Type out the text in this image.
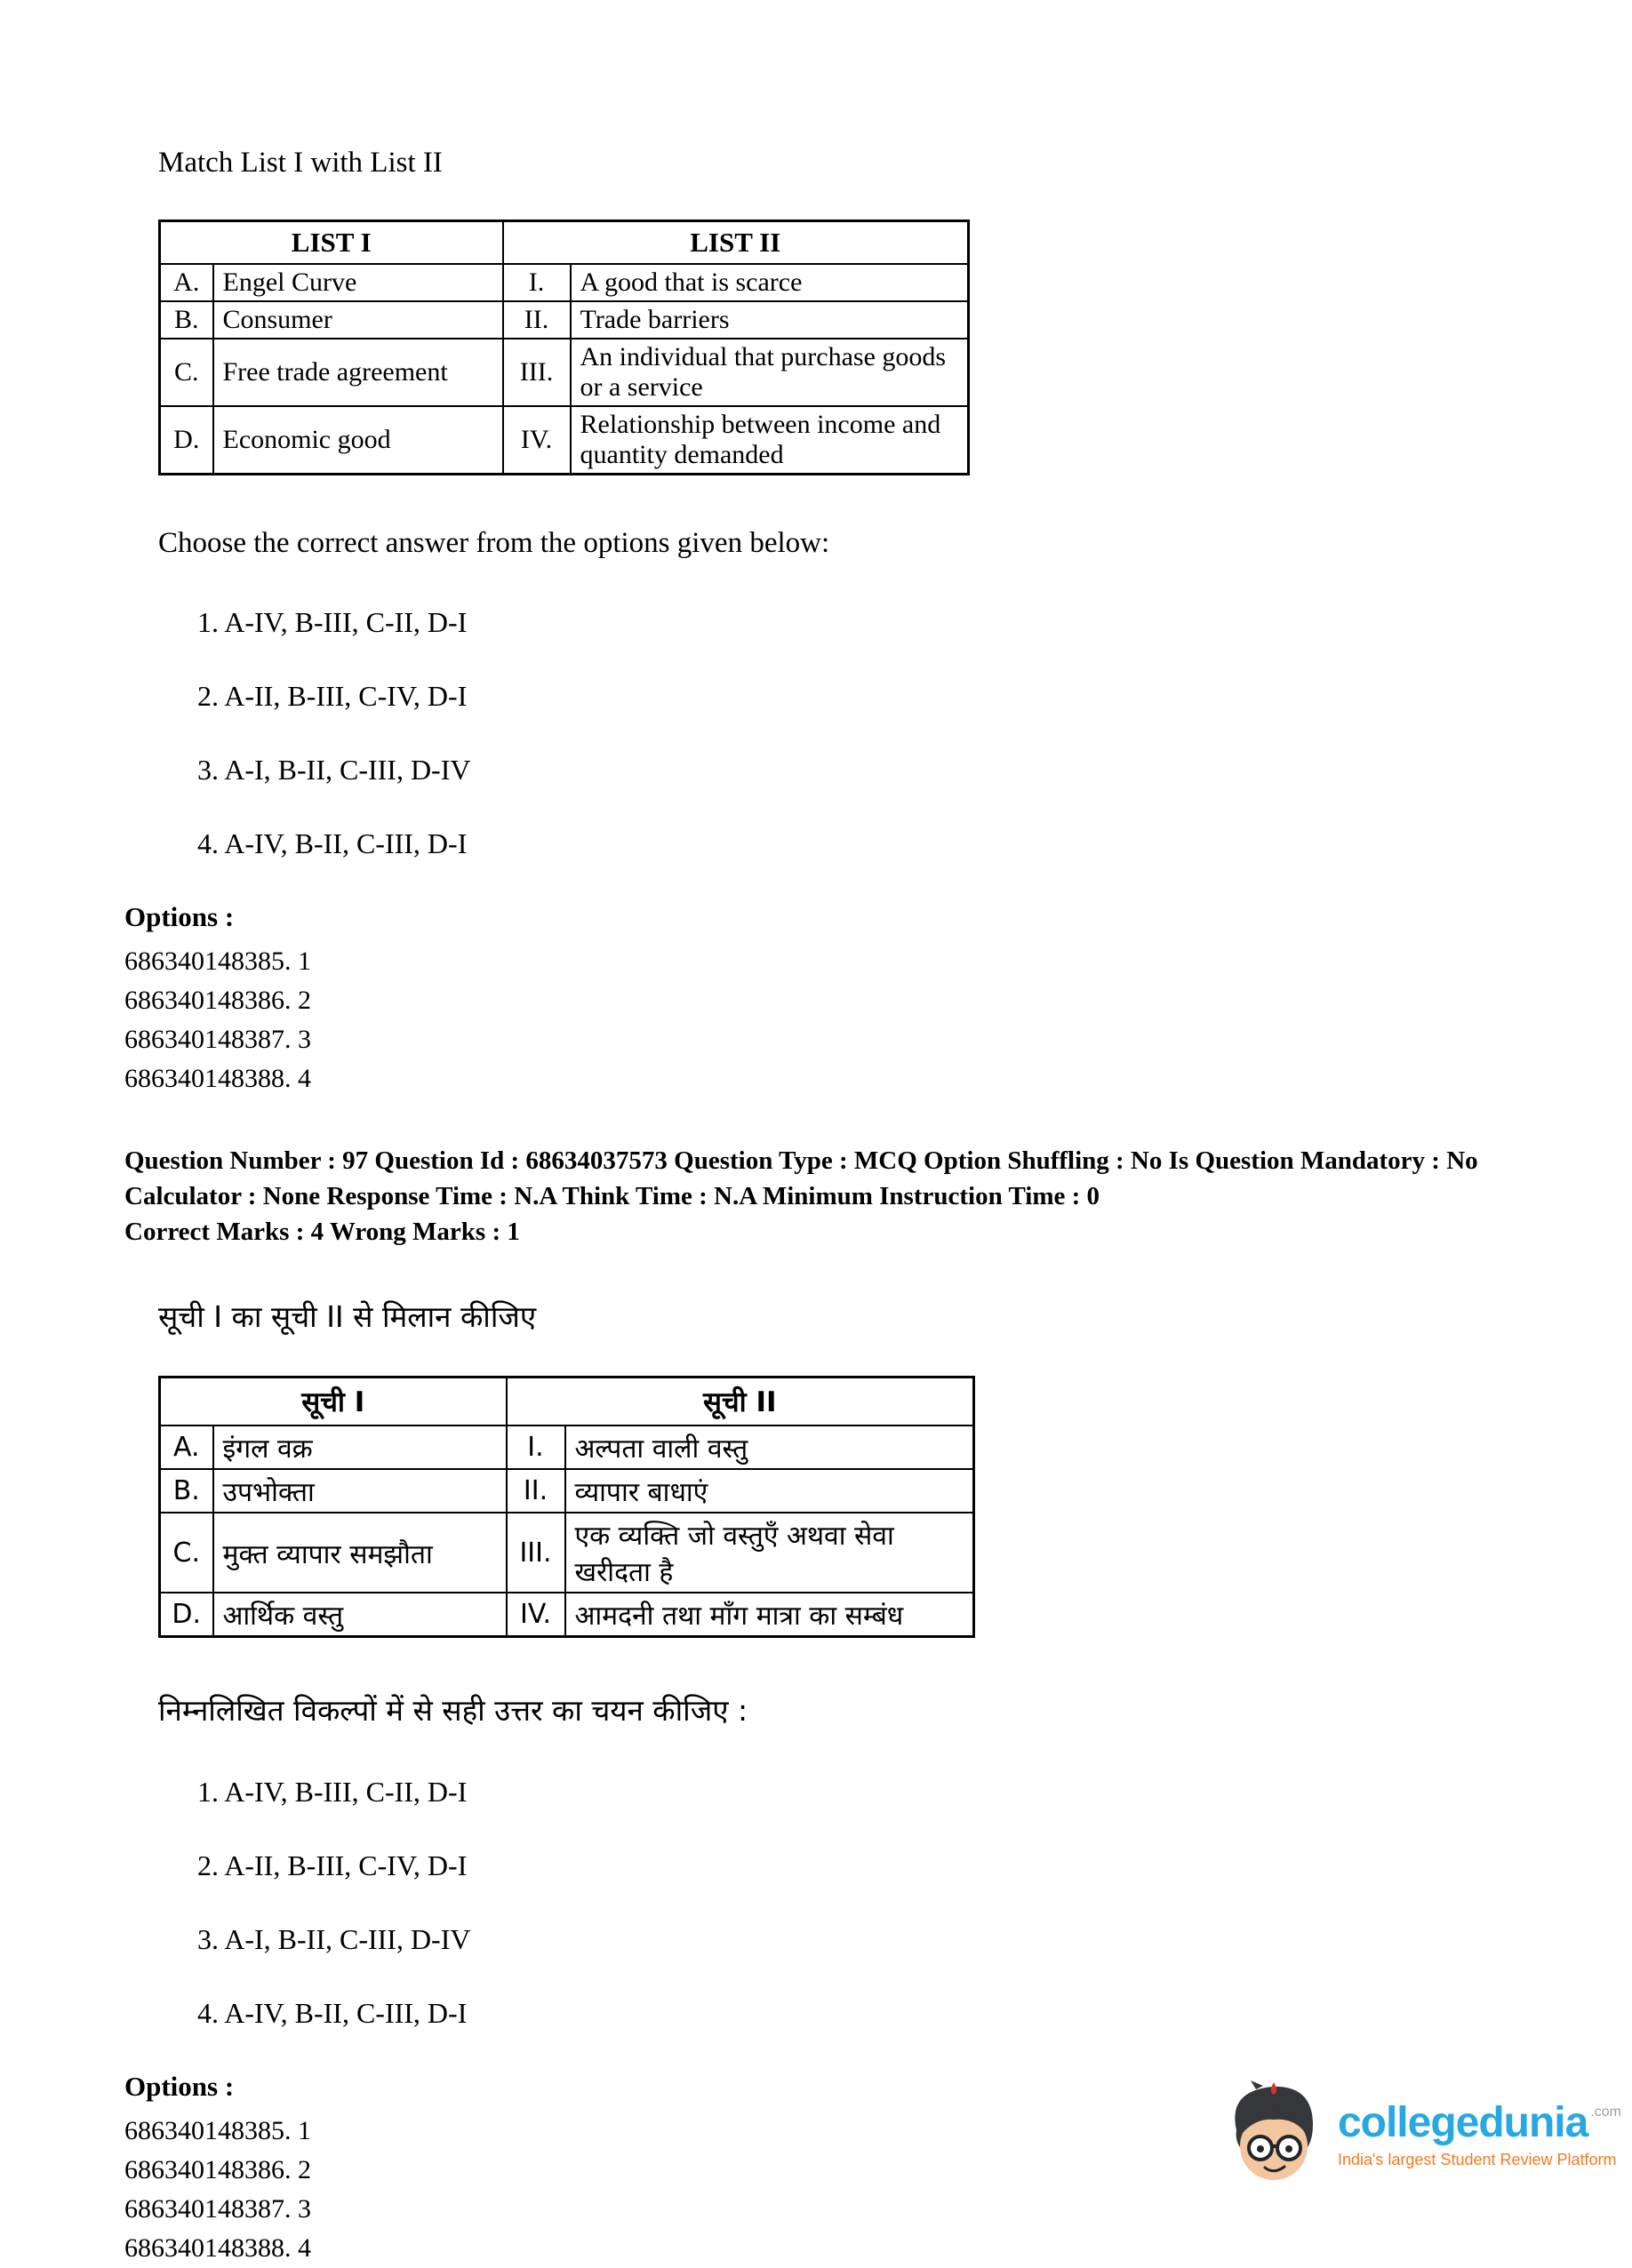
Match List I with List II

LIST I		LIST II	
A.	Engel Curve	I.	A good that is scarce
B.	Consumer	II.	Trade barriers
C.	Free trade agreement	III.	An individual that purchase goods or a service
D.	Economic good	IV.	Relationship between income and quantity demanded

Choose the correct answer from the options given below:

1. A-IV, B-III, C-II, D-I
2. A-II, B-III, C-IV, D-I
3. A-I, B-II, C-III, D-IV
4. A-IV, B-II, C-III, D-I

Options :

686340148385. 1
686340148386. 2
686340148387. 3
686340148388. 4

Question Number : 97 Question Id : 68634037573 Question Type : MCQ Option Shuffling : No Is Question Mandatory : No Calculator : None Response Time : N.A Think Time : N.A Minimum Instruction Time : 0

Correct Marks : 4 Wrong Marks : 1

सूची I का सूची II से मिलान कीजिए

सूची I		सूची II	
A.	इंगल वक्र	I.	अल्पता वाली वस्तु
B.	उपभोक्ता	II.	व्यापार बाधाएं
C.	मुक्त व्यापार समझौता	III.	एक व्यक्ति जो वस्तुएँ अथवा सेवा खरीदता है
D.	आर्थिक वस्तु	IV.	आमदनी तथा माँग मात्रा का सम्बंध

निम्नलिखित विकल्पों में से सही उत्तर का चयन कीजिए :

1. A-IV, B-III, C-II, D-I
2. A-II, B-III, C-IV, D-I
3. A-I, B-II, C-III, D-IV
4. A-IV, B-II, C-III, D-I

Options :

686340148385. 1
686340148386. 2
686340148387. 3
686340148388. 4
collegedunia .com
India's largest Student Review Platform
